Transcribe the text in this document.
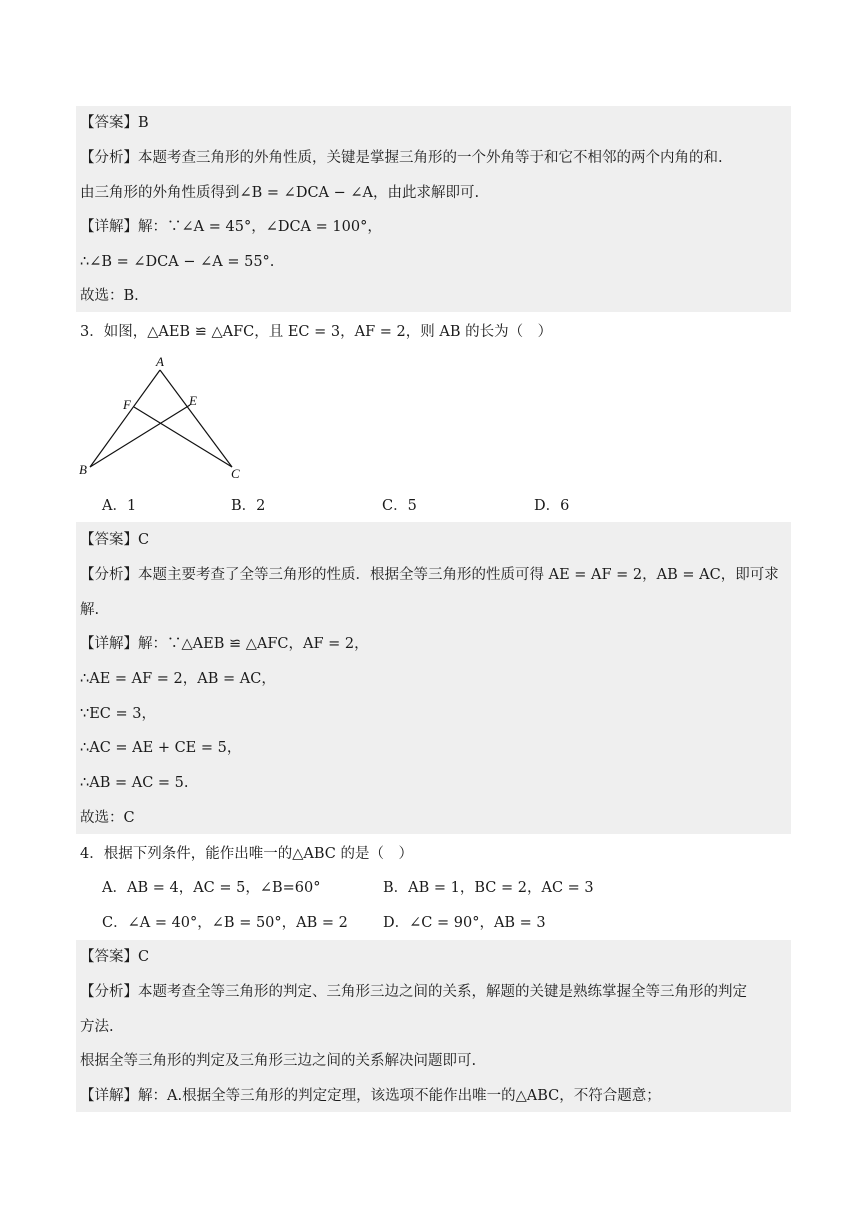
【答案】B
【分析】本题考查三角形的外角性质，关键是掌握三角形的一个外角等于和它不相邻的两个内角的和.
由三角形的外角性质得到∠B = ∠DCA − ∠A，由此求解即可.
【详解】解：∵∠A = 45°，∠DCA = 100°，
∴∠B = ∠DCA − ∠A = 55°.
故选：B.
3．如图，△AEB ≌ △AFC，且 EC = 3，AF = 2，则 AB 的长为（　）
A
F	E
B	C
A．1	B．2	C．5	D．6
【答案】C
【分析】本题主要考查了全等三角形的性质．根据全等三角形的性质可得 AE = AF = 2，AB = AC，即可求
解.
【详解】解：∵△AEB ≌ △AFC，AF = 2，
∴AE = AF = 2，AB = AC，
∵EC = 3，
∴AC = AE + CE = 5，
∴AB = AC = 5.
故选：C
4．根据下列条件，能作出唯一的△ABC 的是（　）
A．AB = 4，AC = 5，∠B=60°	B．AB = 1，BC = 2，AC = 3
C．∠A = 40°，∠B = 50°，AB = 2 D．∠C = 90°，AB = 3
【答案】C
【分析】本题考查全等三角形的判定、三角形三边之间的关系，解题的关键是熟练掌握全等三角形的判定
方法.
根据全等三角形的判定及三角形三边之间的关系解决问题即可.
【详解】解：A.根据全等三角形的判定定理，该选项不能作出唯一的△ABC，不符合题意；
